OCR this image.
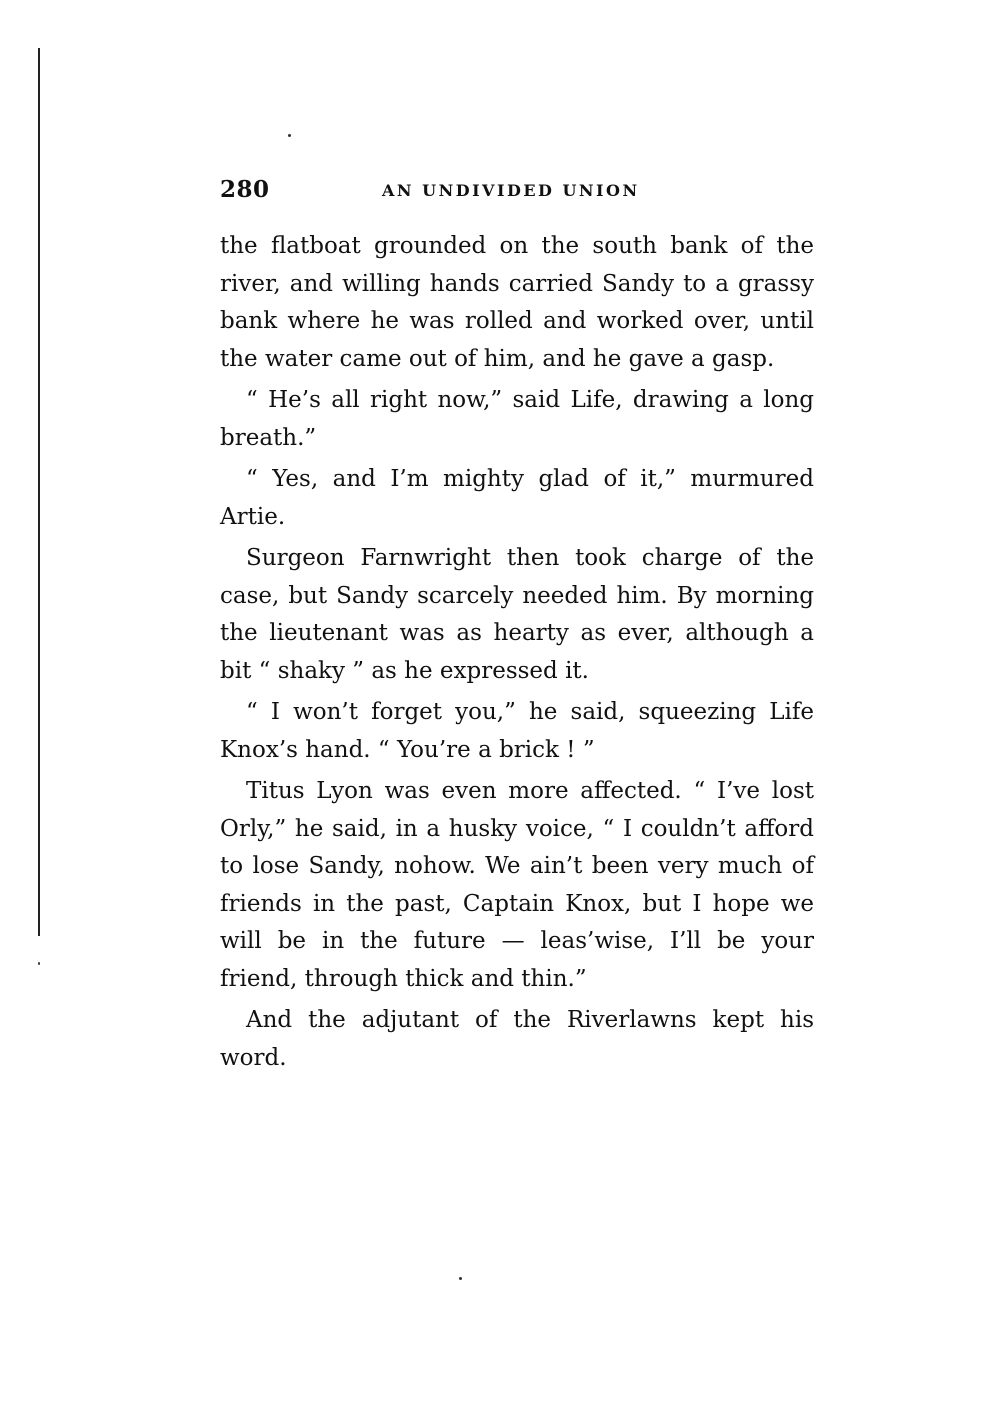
280	AN UNDIVIDED UNION

the flatboat grounded on the south bank of the river, and willing hands carried Sandy to a grassy bank where he was rolled and worked over, until the water came out of him, and he gave a gasp.

“ He’s all right now,” said Life, drawing a long breath.”

“ Yes, and I’m mighty glad of it,” murmured Artie.

Surgeon Farnwright then took charge of the case, but Sandy scarcely needed him. By morning the lieutenant was as hearty as ever, although a bit “ shaky ” as he expressed it.

“ I won’t forget you,” he said, squeezing Life Knox’s hand. “ You’re a brick ! ”

Titus Lyon was even more affected. “ I’ve lost Orly,” he said, in a husky voice, “ I couldn’t afford to lose Sandy, nohow. We ain’t been very much of friends in the past, Captain Knox, but I hope we will be in the future — leas’wise, I’ll be your friend, through thick and thin.”

And the adjutant of the Riverlawns kept his word.
